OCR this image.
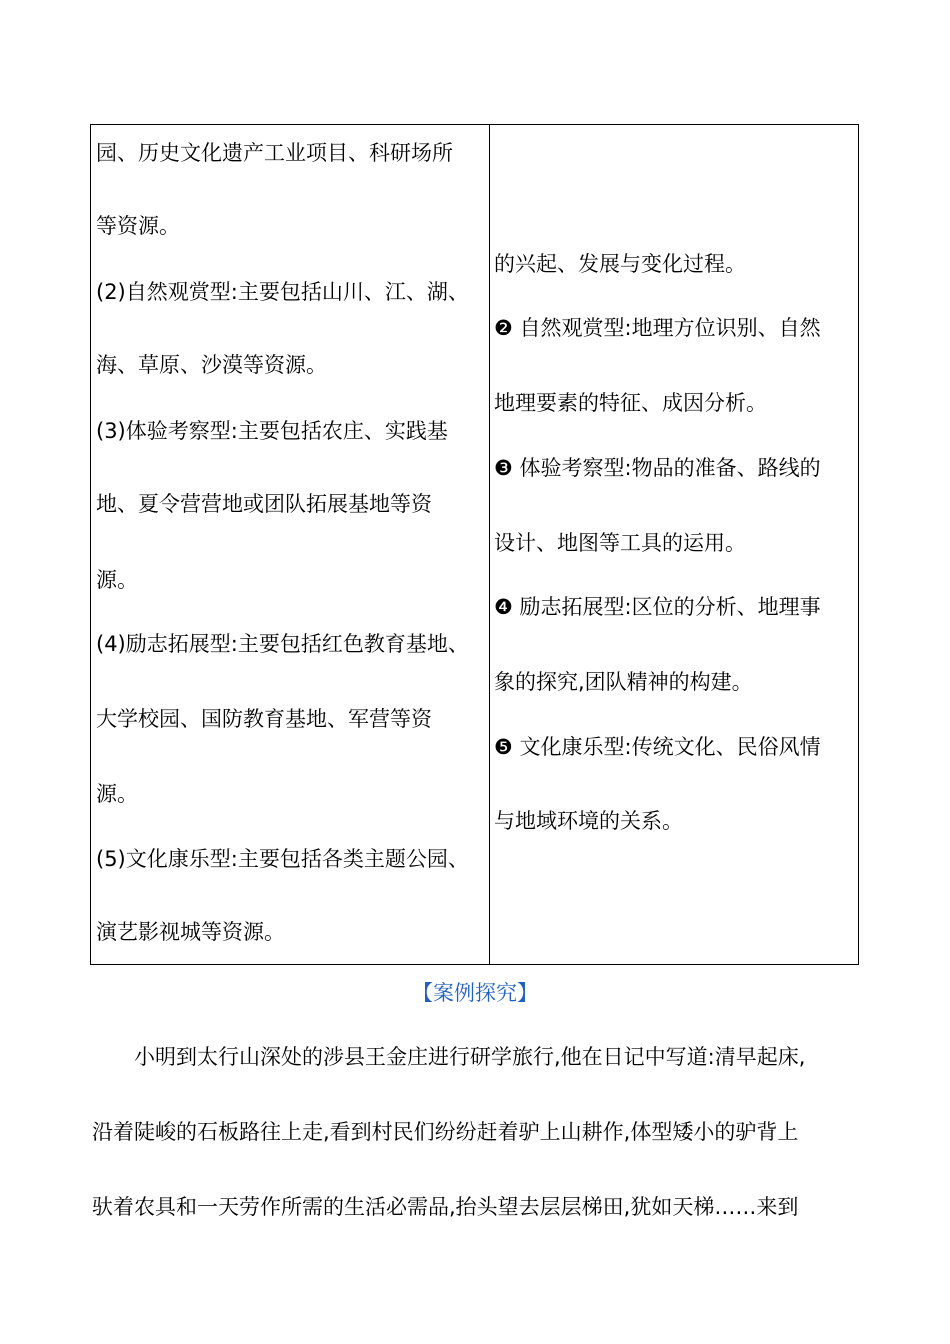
园、历史文化遗产工业项目、科研场所
等资源。
(2)自然观赏型:主要包括山川、江、湖、
海、草原、沙漠等资源。
(3)体验考察型:主要包括农庄、实践基
地、夏令营营地或团队拓展基地等资
源。
(4)励志拓展型:主要包括红色教育基地、
大学校园、国防教育基地、军营等资
源。
(5)文化康乐型:主要包括各类主题公园、
演艺影视城等资源。
的兴起、发展与变化过程。
❷ 自然观赏型:地理方位识别、自然
地理要素的特征、成因分析。
❸ 体验考察型:物品的准备、路线的
设计、地图等工具的运用。
❹ 励志拓展型:区位的分析、地理事
象的探究,团队精神的构建。
❺ 文化康乐型:传统文化、民俗风情
与地域环境的关系。
【案例探究】
小明到太行山深处的涉县王金庄进行研学旅行,他在日记中写道:清早起床,
沿着陡峻的石板路往上走,看到村民们纷纷赶着驴上山耕作,体型矮小的驴背上
驮着农具和一天劳作所需的生活必需品,抬头望去层层梯田,犹如天梯……来到
